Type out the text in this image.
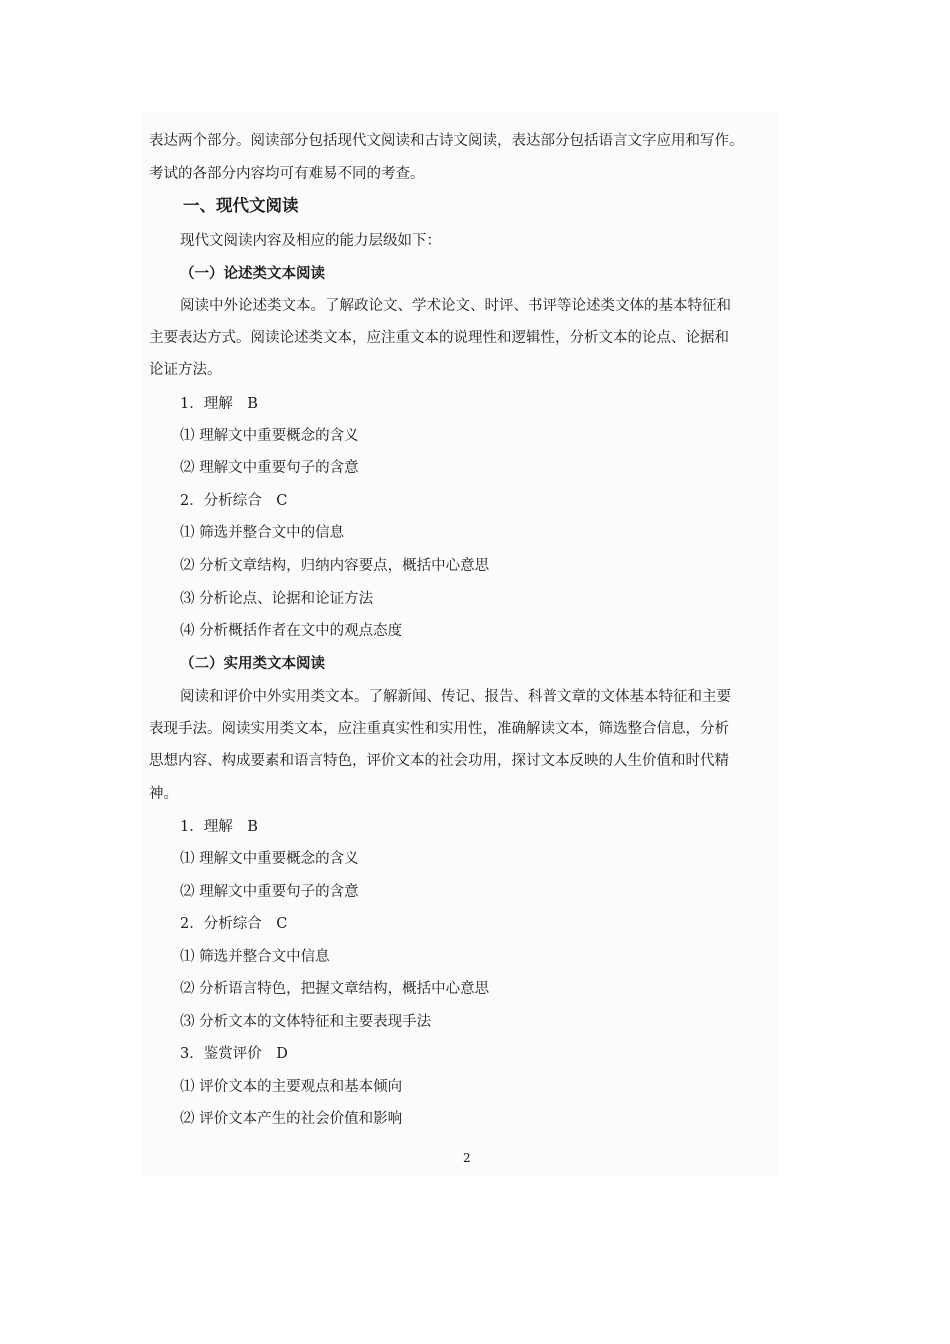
表达两个部分。阅读部分包括现代文阅读和古诗文阅读，表达部分包括语言文字应用和写作。
考试的各部分内容均可有难易不同的考查。
一、现代文阅读
现代文阅读内容及相应的能力层级如下：
（一）论述类文本阅读
阅读中外论述类文本。了解政论文、学术论文、时评、书评等论述类文体的基本特征和
主要表达方式。阅读论述类文本，应注重文本的说理性和逻辑性，分析文本的论点、论据和
论证方法。
1．理解　B
⑴ 理解文中重要概念的含义
⑵ 理解文中重要句子的含意
2．分析综合　C
⑴ 筛选并整合文中的信息
⑵ 分析文章结构，归纳内容要点，概括中心意思
⑶ 分析论点、论据和论证方法
⑷ 分析概括作者在文中的观点态度
（二）实用类文本阅读
阅读和评价中外实用类文本。了解新闻、传记、报告、科普文章的文体基本特征和主要
表现手法。阅读实用类文本，应注重真实性和实用性，准确解读文本，筛选整合信息，分析
思想内容、构成要素和语言特色，评价文本的社会功用，探讨文本反映的人生价值和时代精
神。
1．理解　B
⑴ 理解文中重要概念的含义
⑵ 理解文中重要句子的含意
2．分析综合　C
⑴ 筛选并整合文中信息
⑵ 分析语言特色，把握文章结构，概括中心意思
⑶ 分析文本的文体特征和主要表现手法
3．鉴赏评价　D
⑴ 评价文本的主要观点和基本倾向
⑵ 评价文本产生的社会价值和影响
2
